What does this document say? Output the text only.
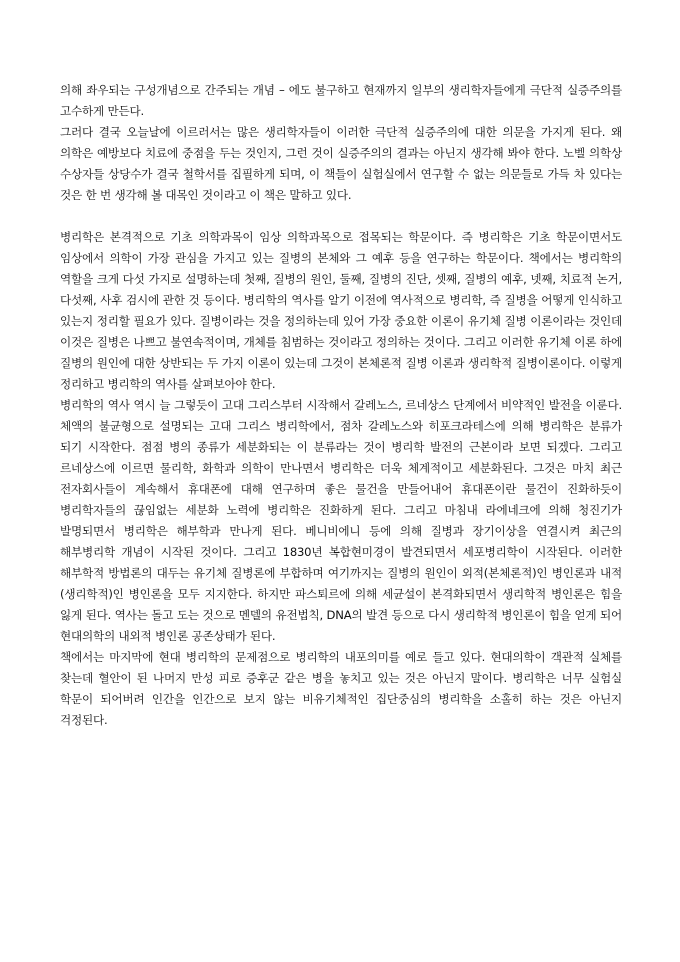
의해 좌우되는 구성개념으로 간주되는 개념 – 에도 불구하고 현재까지 일부의 생리학자들에게 극단적 실증주의를 고수하게 만든다.

그러다 결국 오늘날에 이르러서는 많은 생리학자들이 이러한 극단적 실증주의에 대한 의문을 가지게 된다. 왜 의학은 예방보다 치료에 중점을 두는 것인지, 그런 것이 실증주의의 결과는 아닌지 생각해 봐야 한다. 노벨 의학상 수상자들 상당수가 결국 철학서를 집필하게 되며, 이 책들이 실험실에서 연구할 수 없는 의문들로 가득 차 있다는 것은 한 번 생각해 볼 대목인 것이라고 이 책은 말하고 있다.

병리학은 본격적으로 기초 의학과목이 임상 의학과목으로 접목되는 학문이다. 즉 병리학은 기초 학문이면서도 임상에서 의학이 가장 관심을 가지고 있는 질병의 본체와 그 예후 등을 연구하는 학문이다. 책에서는 병리학의 역할을 크게 다섯 가지로 설명하는데 첫째, 질병의 원인, 둘째, 질병의 진단, 셋째, 질병의 예후, 넷째, 치료적 논거, 다섯째, 사후 검시에 관한 것 등이다. 병리학의 역사를 알기 이전에 역사적으로 병리학, 즉 질병을 어떻게 인식하고 있는지 정리할 필요가 있다. 질병이라는 것을 정의하는데 있어 가장 중요한 이론이 유기체 질병 이론이라는 것인데 이것은 질병은 나쁘고 불연속적이며, 개체를 침범하는 것이라고 정의하는 것이다. 그리고 이러한 유기체 이론 하에 질병의 원인에 대한 상반되는 두 가지 이론이 있는데 그것이 본체론적 질병 이론과 생리학적 질병이론이다. 이렇게 정리하고 병리학의 역사를 살펴보아야 한다.

병리학의 역사 역시 늘 그렇듯이 고대 그리스부터 시작해서 갈레노스, 르네상스 단계에서 비약적인 발전을 이룬다. 체액의 불균형으로 설명되는 고대 그리스 병리학에서, 점차 갈레노스와 히포크라테스에 의해 병리학은 분류가 되기 시작한다. 점점 병의 종류가 세분화되는 이 분류라는 것이 병리학 발전의 근본이라 보면 되겠다. 그리고 르네상스에 이르면 물리학, 화학과 의학이 만나면서 병리학은 더욱 체계적이고 세분화된다. 그것은 마치 최근 전자회사들이 계속해서 휴대폰에 대해 연구하며 좋은 물건을 만들어내어 휴대폰이란 물건이 진화하듯이 병리학자들의 끊임없는 세분화 노력에 병리학은 진화하게 된다. 그리고 마침내 라에네크에 의해 청진기가 발명되면서 병리학은 해부학과 만나게 된다. 베니비에니 등에 의해 질병과 장기이상을 연결시켜 최근의 해부병리학 개념이 시작된 것이다. 그리고 1830년 복합현미경이 발견되면서 세포병리학이 시작된다. 이러한 해부학적 방법론의 대두는 유기체 질병론에 부합하며 여기까지는 질병의 원인이 외적(본체론적)인 병인론과 내적(생리학적)인 병인론을 모두 지지한다. 하지만 파스퇴르에 의해 세균설이 본격화되면서 생리학적 병인론은 힘을 잃게 된다. 역사는 돌고 도는 것으로 멘델의 유전법칙, DNA의 발견 등으로 다시 생리학적 병인론이 힘을 얻게 되어 현대의학의 내외적 병인론 공존상태가 된다.

책에서는 마지막에 현대 병리학의 문제점으로 병리학의 내포의미를 예로 들고 있다. 현대의학이 객관적 실체를 찾는데 혈안이 된 나머지 만성 피로 증후군 같은 병을 놓치고 있는 것은 아닌지 말이다. 병리학은 너무 실험실 학문이 되어버려 인간을 인간으로 보지 않는 비유기체적인 집단중심의 병리학을 소홀히 하는 것은 아닌지 걱정된다.
